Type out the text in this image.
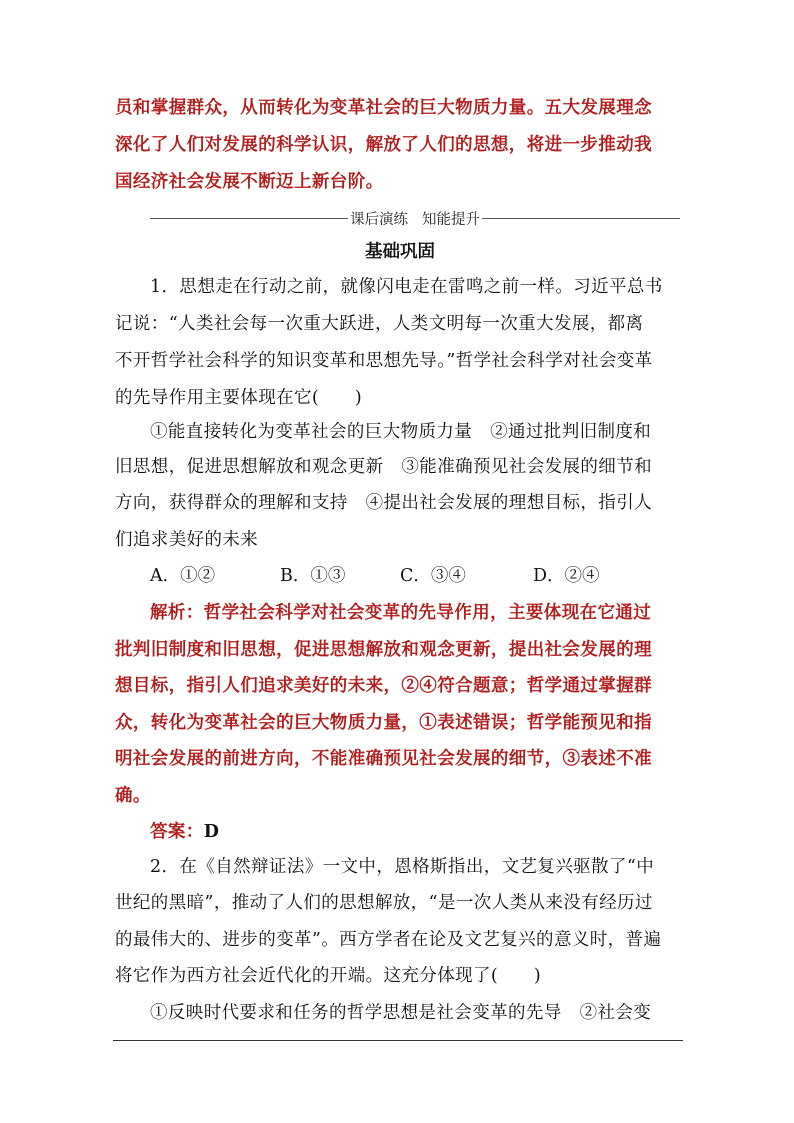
员和掌握群众，从而转化为变革社会的巨大物质力量。五大发展理念
深化了人们对发展的科学认识，解放了人们的思想，将进一步推动我
国经济社会发展不断迈上新台阶。
课后演练 知能提升
基础巩固
1．思想走在行动之前，就像闪电走在雷鸣之前一样。习近平总书
记说：“人类社会每一次重大跃进，人类文明每一次重大发展，都离
不开哲学社会科学的知识变革和思想先导。”哲学社会科学对社会变革
的先导作用主要体现在它(　　)
①能直接转化为变革社会的巨大物质力量　②通过批判旧制度和
旧思想，促进思想解放和观念更新　③能准确预见社会发展的细节和
方向，获得群众的理解和支持　④提出社会发展的理想目标，指引人
们追求美好的未来
A．①②	B．①③	C．③④	D．②④
解析：哲学社会科学对社会变革的先导作用，主要体现在它通过
批判旧制度和旧思想，促进思想解放和观念更新，提出社会发展的理
想目标，指引人们追求美好的未来，②④符合题意；哲学通过掌握群
众，转化为变革社会的巨大物质力量，①表述错误；哲学能预见和指
明社会发展的前进方向，不能准确预见社会发展的细节，③表述不准
确。
答案：D
2．在《自然辩证法》一文中，恩格斯指出，文艺复兴驱散了“中
世纪的黑暗”，推动了人们的思想解放，“是一次人类从来没有经历过
的最伟大的、进步的变革”。西方学者在论及文艺复兴的意义时，普遍
将它作为西方社会近代化的开端。这充分体现了(　　)
①反映时代要求和任务的哲学思想是社会变革的先导　②社会变
